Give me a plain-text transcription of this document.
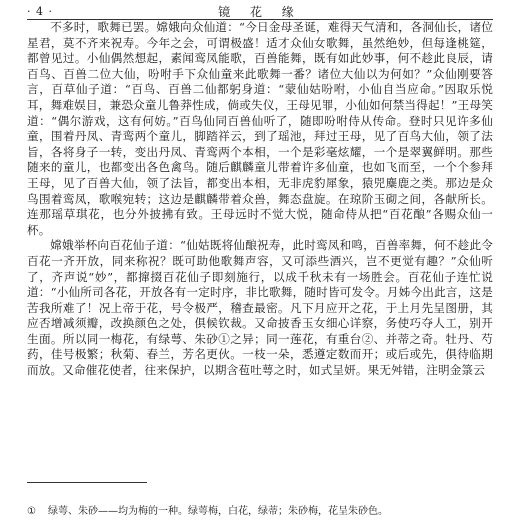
· 4 ·	镜 花 缘

不多时，歌舞已罢。嫦娥向众仙道：“今日金母圣诞，难得天气清和，各洞仙长，诸位星君，莫不齐来祝寿。今年之会，可谓极盛！适才众仙女歌舞，虽然绝妙，但每逢桃筵，都曾见过。小仙偶然想起，素闻鸾凤能歌，百兽能舞，既有如此妙事，何不趁此良辰，请百鸟、百兽二位大仙，吩咐手下众仙童来此歌舞一番？诸位大仙以为何如？”众仙刚要答言，百草仙子道：“百鸟、百兽二仙都躬身道：“蒙仙姑吩咐，小仙自当应命。”因取乐悦耳，舞难娱目，兼恐众童儿鲁莽性成，倘或失仪，王母见罪，小仙如何禁当得起！”王母笑道：“偶尔游戏，这有何妨。”百鸟仙同百兽仙听了，随即吩咐侍从传命。登时只见许多仙童，围着丹凤、青鸾两个童儿，脚踏祥云，到了瑶池，拜过王母，见了百鸟大仙，领了法旨，各将身子一转，变出丹凤、青鸾两个本相，一个是彩毫炫耀，一个是翠翼鲜明。那些随来的童儿，也都变出各色禽鸟。随后麒麟童儿带着许多仙童，也如飞而至，一个个参拜王母，见了百兽大仙，领了法旨，都变出本相，无非虎豹犀象，猿兕麋鹿之类。那边是众鸟围着鸾凤，歌喉宛转；这边是麒麟带着众兽，舞态盘旋。在琼阶玉砌之间，各献所长。连那瑶草琪花，也分外披拂有致。王母远时不觉大悦，随命侍从把“百花酿”各赐众仙一杯。

嫦娥举杯向百花仙子道：“仙姑既将仙酿祝寿，此时鸾凤和鸣，百兽率舞，何不趁此令百花一齐开放，同来称祝？既可助他歌舞声容，又可添些酒兴，岂不更觉有趣？”众仙听了，齐声说“妙”，都撺掇百花仙子即刻施行，以成千秋未有一场胜会。百花仙子连忙说道：“小仙所司各花，开放各有一定时序，非比歌舞，随时皆可发令。月姊今出此言，这是苦我所难了！况上帝于花，号令极严，稽查最密。凡下月应开之花，于上月先呈图册，其应否增减须瓣，改换颜色之处，俱候钦裁。又命披香玉女细心详察，务使巧夺人工，别开生面。所以同一梅花，有绿萼、朱砂①之异；同一莲花，有重台②、并蒂之奇。牡丹、芍药，佳号极繁；秋菊、春兰，芳名更伙。一枝一朵，悉遵定数而开；或后或先，俱待临期而放。又命催花使者，往来保护，以期含苞吐萼之时，如式呈妍。果无舛错，注明金箓云

① 绿萼、朱砂——均为梅的一种。绿萼梅，白花，绿蒂；朱砂梅，花呈朱砂色。
